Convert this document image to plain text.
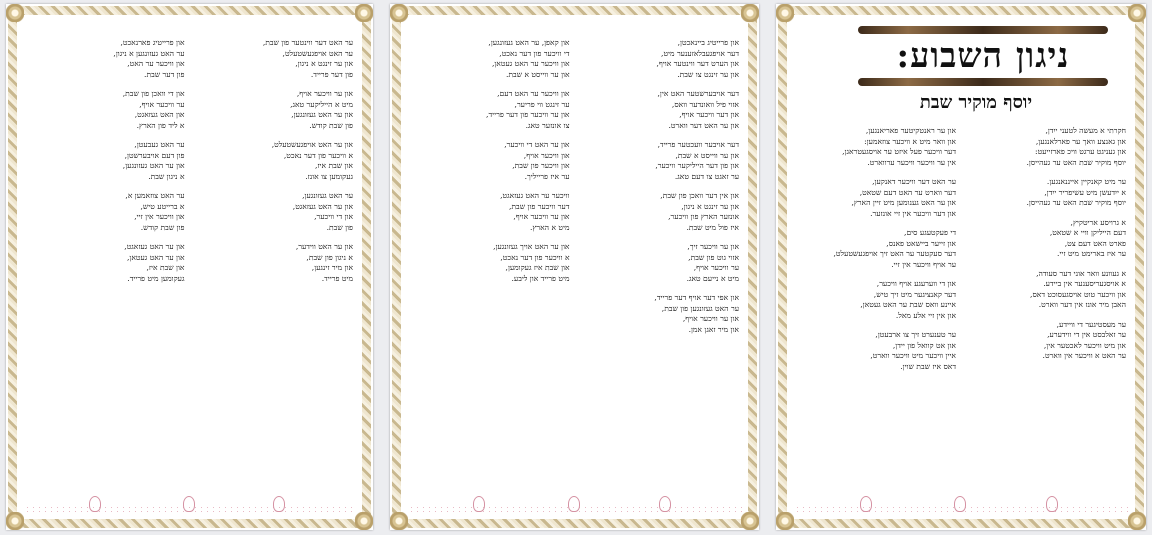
ער האט דער ווינטער פון שבת,
ער האט אויפגעשטעלט,
און ער זינגט א ניגון,
פון דער פרייד.
און ער וויכער אויף,
מיט א הייליקער טאג,
און ער האט געזונגען,
פון שבת קודש.
און ער האט אויפגעשטעלט,
א וויכער פון דער נאכט,
און שבת איז,
געקומען צו אונז.
ער האט געזונגען,
און ער האט געזאגט,
און די וויכער,
פון שבת.
און ער האט ווידער,
א ניגון פון שבת,
און מיר זינגען,
מיט פרייד.
און פרייטיג פארנאכט,
ער האט געזונגען א ניגון,
און וויכער ער האט,
פון דער שבת.
און די וואכן פון שבת,
ער וויכער אויף,
און האט געזאגט,
א ליד פון הארץ.
ער האט געבעטן,
פון דעם אויבערשטן,
און ער האט געזונגען,
א ניגון שבת.
ער האט צוזאמען א,
א ברייטע טיש,
און וויכער אין זיי,
פון שבת קודש.
און ער האט געזאגט,
און ער האט געטאן,
און שבת איז,
געקומען מיט פרייד.
און פרייטיג ביינאכטן,
דער אויפגעבלאזענער מיט,
און הערט דער ווינטער אויף,
און ער זינגט צו שבת.
דער אויבערשטער האט אין,
אזוי פיל וואונדער וואס,
און דער וויכער אויף,
און ער האט דער ווארט.
דער אויבער וועכטער פרייד,
און ער ווייסט א שבת,
און פון דער הייליקער וויכער,
ער זאגט צו דעם טאג.
און אין דער וואכן פון שבת,
און ער זינגט א ניגון,
אונזער הארץ פון וויכער,
איז פול מיט שבת.
און ער וויכער זיך,
אזוי גוט פון שבת,
ער וויכער אויף,
מיט א נייעם טאג.
און אפי דער אויף דער פרייד,
ער האט געזונגען פון שבת,
און ער וויכער אויף,
און מיר זאגן אמן.
און קאפן, ער האט געזונגען,
די וויכער פון דער נאכט,
און וויכער ער האט געטאן,
און ער ווייסט א שבת.
און וויכער ער האט דעם,
ער זינגט ווי פריער,
און ער וויכער פון דער פרייד,
צו אונזער טאג.
און ער האט די וויכער,
און וויכער אויף,
און וויכער פון שבת,
ער איז פרייליך.
וויכער ער האט געזאגט,
דער וויכער פון שבת,
און ער וויכער אויף,
מיט א הארץ.
און ער האט אויך געזונגען,
א וויכער פון דער נאכט,
און שבת איז געקומען,
מיט פרייד און ליבע.
ניגון השבוע:
יוסף מוקיר שבת
חקרתי א מעשה לטעני ייִדן,
און גאנצע וואך ער פארלאנגען,
און געניגט ערגט וויכ פארזייעט:
יוסף מוקיר שבת האט ער געהייסן.
ער מיט קאנקיין אייננאנגען.
א ייִדעשן מיט עשיפריר ייִדן,
יוסף מוקיר שבת האט ער געהייסן.
א גרויסע אריטקיץ,
דעם הייליקן וויי א שטאט,
פארט האט דעם צט,
ער איז בארימט מיט זיי.
א געוונע וואר אוני דער סעודה,
א אויסגעריסענער אין ביידע.
און וויכער טוט אויסגעסוכט דאס,
האבן מיר אונז אין דער ווארט.
ער מעסטיגער די וויידע,
ער זאלבסט אין די ווידערע,
און מיט וויכער לאכטער אין,
ער האט א וויכער אין ווארט.
און ער ראנטקיטער פאריאנגען,
און וואר מיט א וויכער צוזאמען:
דער וויכער פעל איזט ער אויסגעטראגן,
אין ער וויכער וויכער ערווארט.
ער האט דער וויכער דאנקען,
דער ווארט ער האט דעם שטאט,
און ער האט גענומען מיט זיין הארץ,
און דער וויכער אין זיי אונזער.
די פעקטעגע סים,
און זייער ביישאט פאנס,
דער סעקטער ער האט זיך אויפגעשטעלט,
ער אויף וויכער אין זיי.
און די ווערעגע אויף וויכער,
דער קאנציגער מיט זיך טיש,
איינע וואס שבת ער האט געטאן,
און אין זיי אלע מאל.
ער טענערט זיך צו ארבעטן,
און אט קוואל פון יידן,
איין וויכער מיט וויכער ווארט,
דאס איז שבת שוין.
